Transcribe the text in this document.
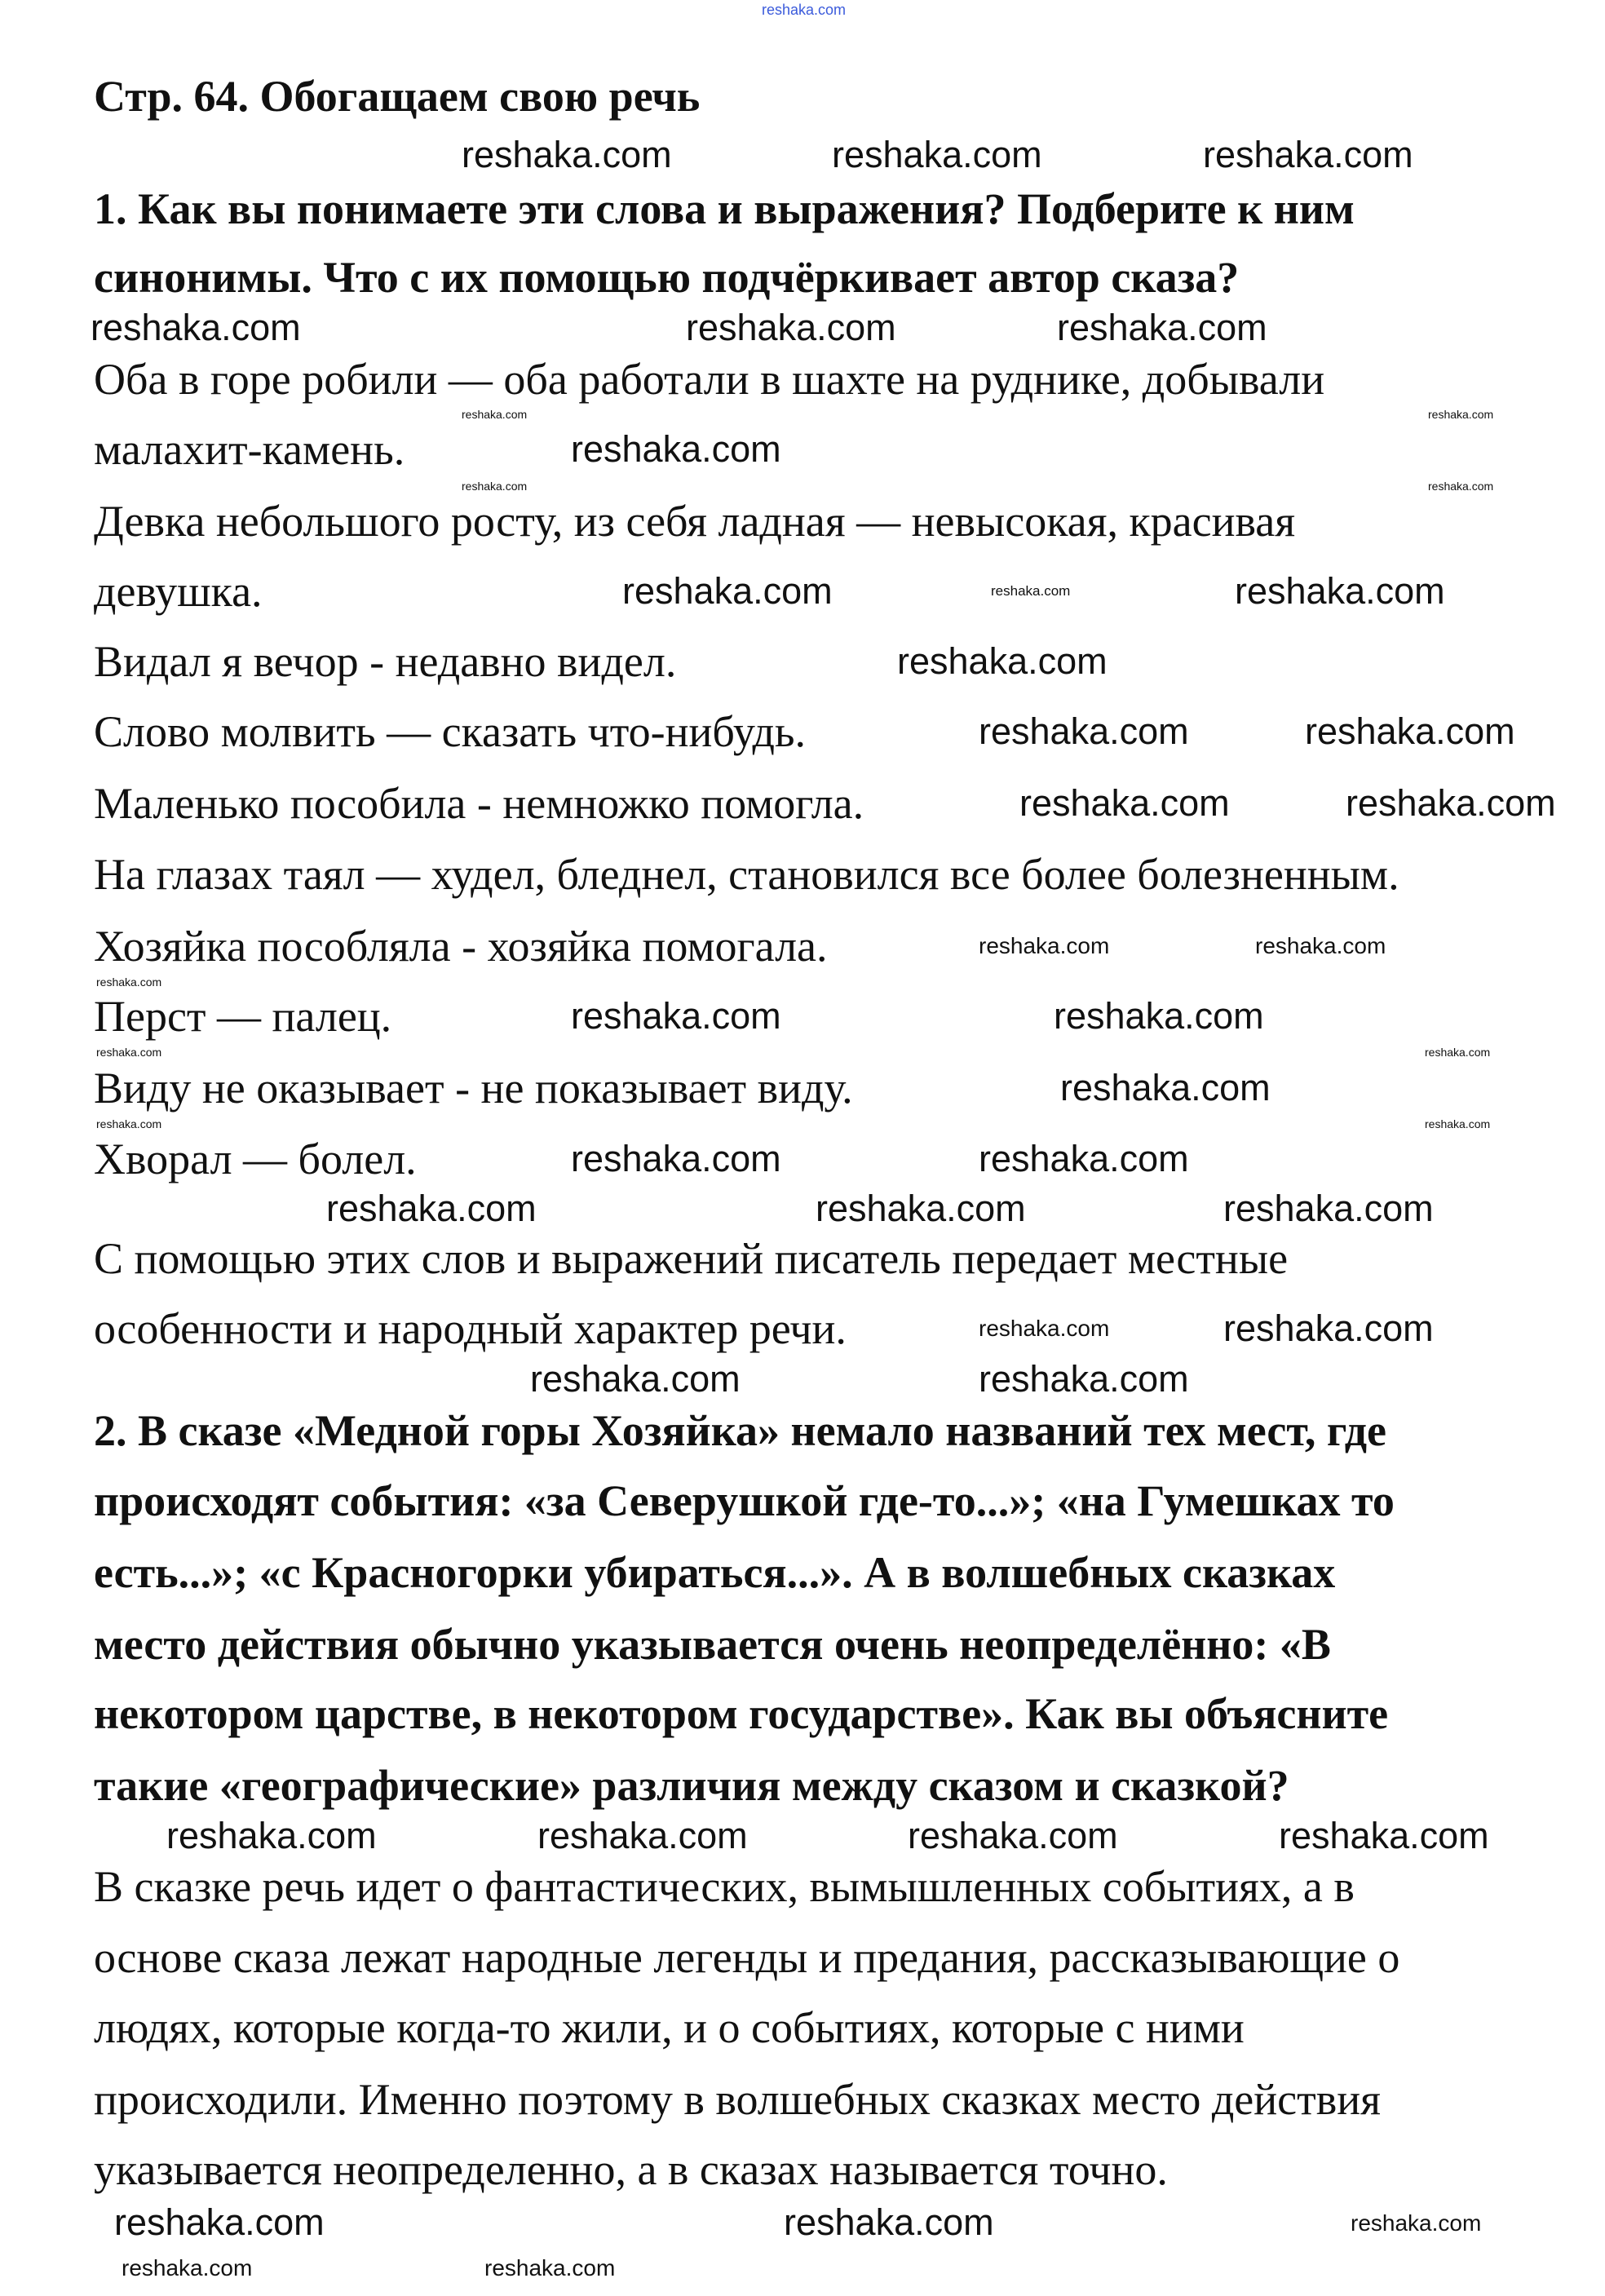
reshaka.com
Стр. 64. Обогащаем свою речь
1. Как вы понимаете эти слова и выражения? Подберите к ним
синонимы. Что с их помощью подчёркивает автор сказа?
Оба в горе робили — оба работали в шахте на руднике, добывали
малахит-камень.
Девка небольшого росту, из себя ладная — невысокая, красивая
девушка.
Видал я вечор - недавно видел.
Слово молвить — сказать что-нибудь.
Маленько пособила - немножко помогла.
На глазах таял — худел, бледнел, становился все более болезненным.
Хозяйка пособляла - хозяйка помогала.
Перст — палец.
Виду не оказывает - не показывает виду.
Хворал — болел.
С помощью этих слов и выражений писатель передает местные
особенности и народный характер речи.
2. В сказе «Медной горы Хозяйка» немало названий тех мест, где
происходят события: «за Северушкой где-то...»; «на Гумешках то
есть...»; «с Красногорки убираться...». А в волшебных сказках
место действия обычно указывается очень неопределённо: «В
некотором царстве, в некотором государстве». Как вы объясните
такие «географические» различия между сказом и сказкой?
В сказке речь идет о фантастических, вымышленных событиях, а в
основе сказа лежат народные легенды и предания, рассказывающие о
людях, которые когда-то жили, и о событиях, которые с ними
происходили. Именно поэтому в волшебных сказках место действия
указывается неопределенно, а в сказах называется точно.
reshaka.com	reshaka.com	reshaka.com
reshaka.com	reshaka.com	reshaka.com
reshaka.com
reshaka.com	reshaka.com
reshaka.com
reshaka.com	reshaka.com
reshaka.com	reshaka.com
reshaka.com	reshaka.com
reshaka.com
reshaka.com	reshaka.com
reshaka.com	reshaka.com	reshaka.com
reshaka.com
reshaka.com	reshaka.com
reshaka.com	reshaka.com	reshaka.com	reshaka.com
reshaka.com	reshaka.com
reshaka.com	reshaka.com
reshaka.com
reshaka.com	reshaka.com
reshaka.com
reshaka.com
reshaka.com
reshaka.com
reshaka.com
reshaka.com
reshaka.com
reshaka.com
reshaka.com
reshaka.com
reshaka.com
